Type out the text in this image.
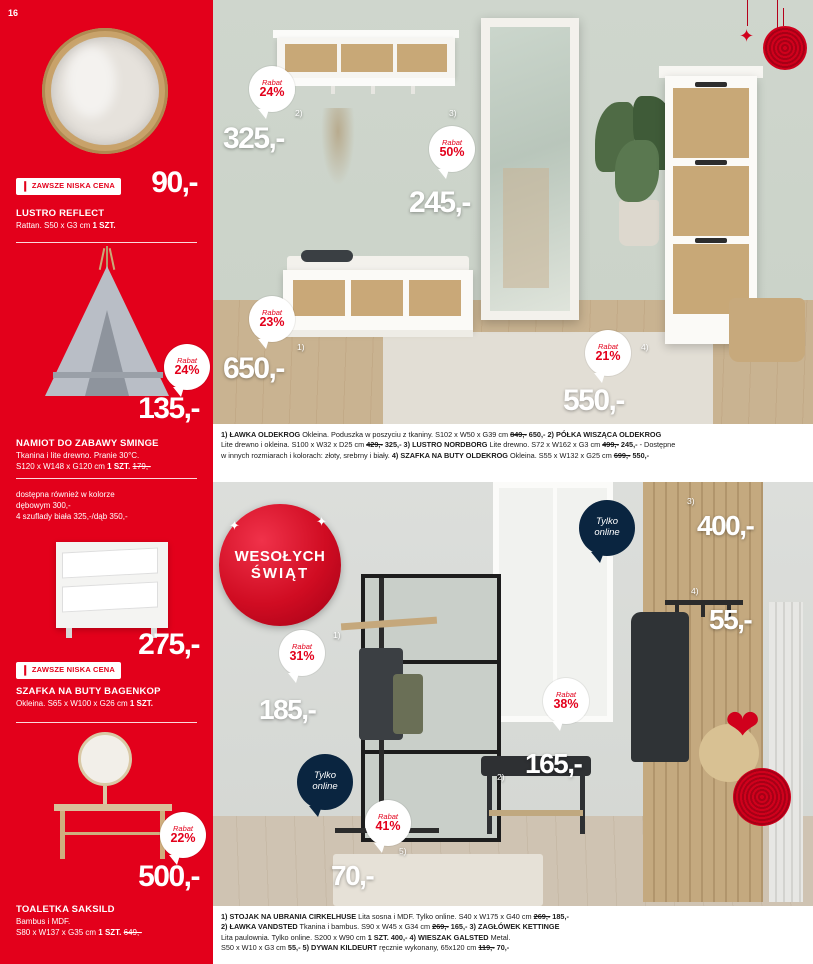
16
❙ ZAWSZE NISKA CENA 90,-
LUSTRO REFLECT
Rattan. S50 x G3 cm 1 SZT.
Rabat
24%
135,-
NAMIOT DO ZABAWY SMINGE
Tkanina i lite drewno. Pranie 30°C.
S120 x W148 x G120 cm 1 SZT. 179,-
dostępna również w kolorze
dębowym 300,-
4 szuflady biała 325,-/dąb 350,-
275,-
❙ ZAWSZE NISKA CENA
SZAFKA NA BUTY BAGENKOP
Okleina. S65 x W100 x G26 cm 1 SZT.
Rabat
22%
500,-
TOALETKA SAKSILD
Bambus i MDF.
S80 x W137 x G35 cm 1 SZT. 649,-
✦
Rabat
24%
Rabat
50%
Rabat
23%
Rabat
21%
325,-
2)
245,-
3)
650,-
1)
550,-
4)
1) ŁAWKA OLDEKROG Okleina. Poduszka w poszyciu z tkaniny. S102 x W50 x G39 cm 849,- 650,- 2) PÓŁKA WISZĄCA OLDEKROG
Lite drewno i okleina. S100 x W32 x D25 cm 429,- 325,- 3) LUSTRO NORDBORG Lite drewno. S72 x W162 x G3 cm 499,- 245,- - Dostępne
w innych rozmiarach i kolorach: złoty, srebrny i biały. 4) SZAFKA NA BUTY OLDEKROG Okleina. S55 x W132 x G25 cm 699,- 550,-
❤
✦	✦
WESOŁYCH
ŚWIĄT
Tylko
online
Tylko
online
Rabat
31%
Rabat
38%
Rabat
41%
400,-
3)
55,-
4)
185,-
1)
165,-
2)
70,-
5)
1) STOJAK NA UBRANIA CIRKELHUSE Lita sosna i MDF. Tylko online. S40 x W175 x G40 cm 269,- 185,-
2) ŁAWKA VANDSTED Tkanina i bambus. S90 x W45 x G34 cm 269,- 165,- 3) ZAGŁÓWEK KETTINGE
Lita paulownia. Tylko online. S200 x W90 cm 1 SZT. 400,- 4) WIESZAK GALSTED Metal.
S50 x W10 x G3 cm 55,- 5) DYWAN KILDEURT ręcznie wykonany, 65x120 cm 119,- 70,-
